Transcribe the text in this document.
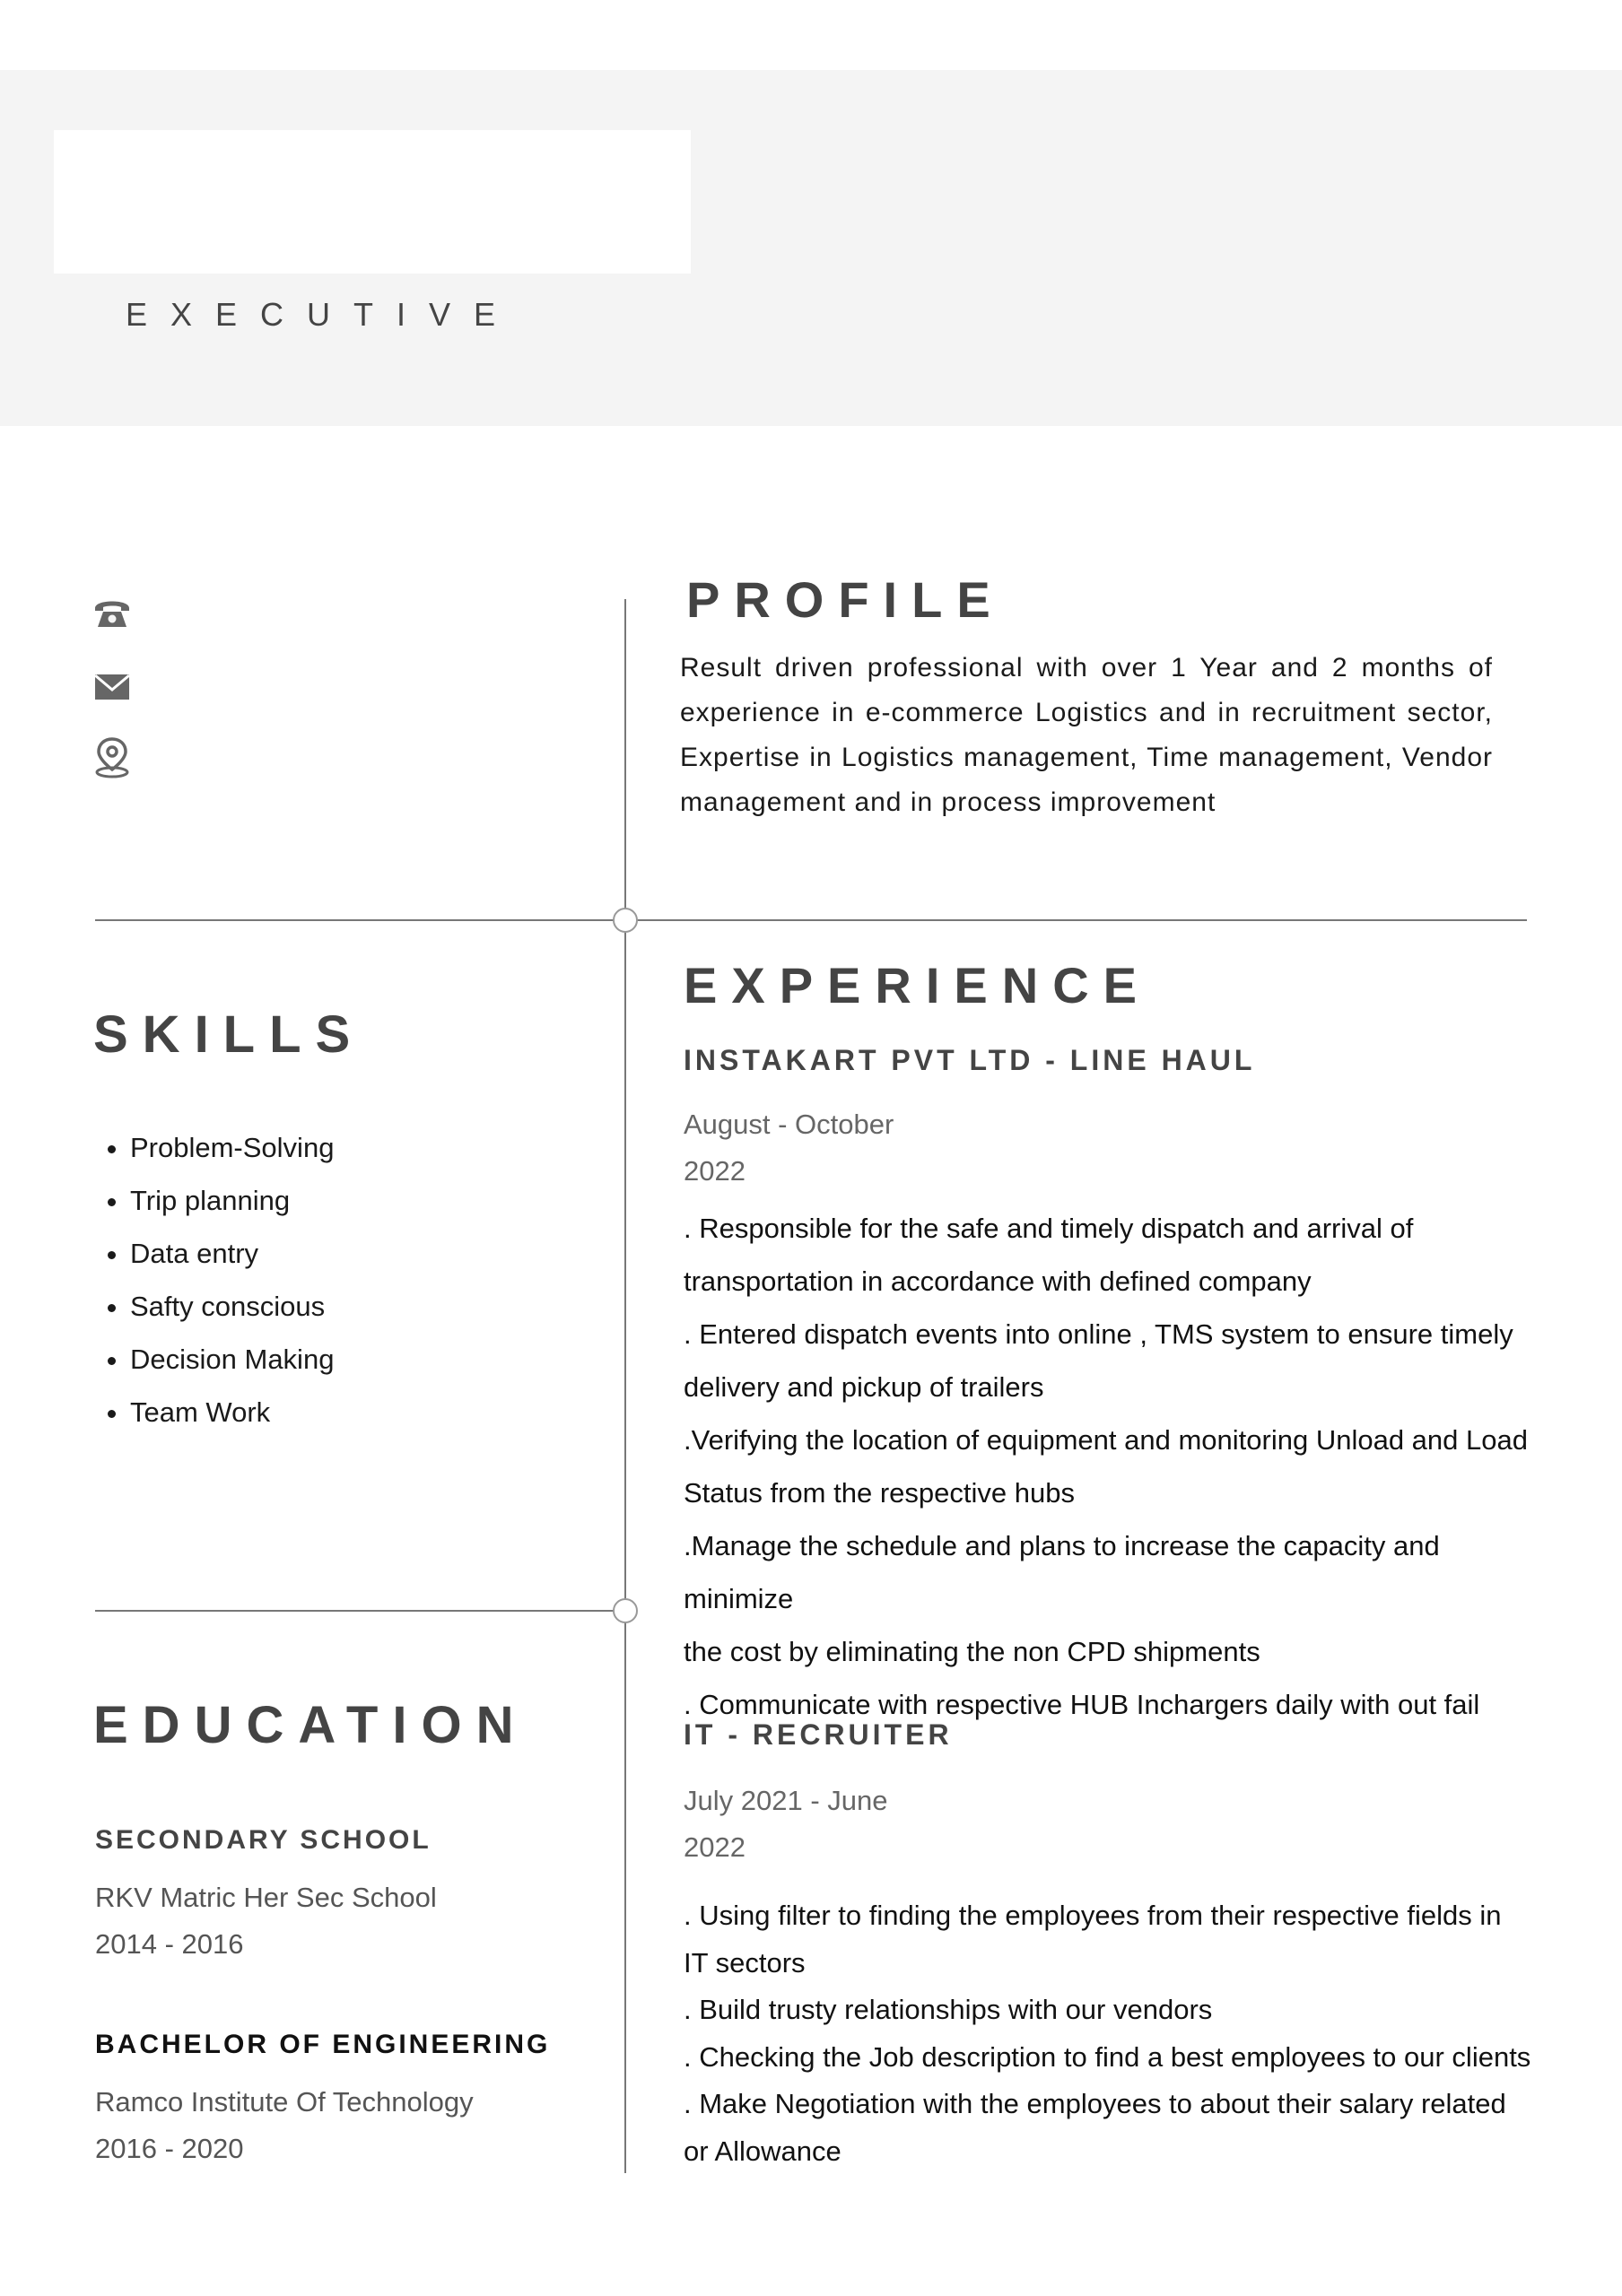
EXECUTIVE
PROFILE
Result driven professional with over 1 Year and 2 months of experience in e-commerce Logistics and in recruitment sector, Expertise in Logistics management, Time management, Vendor management and in process improvement
SKILLS
• Problem-Solving
• Trip planning
• Data entry
• Safty conscious
• Decision Making
• Team Work
EDUCATION
SECONDARY SCHOOL
RKV Matric Her Sec School
2014 - 2016
BACHELOR OF ENGINEERING
Ramco Institute Of Technology
2016 - 2020
EXPERIENCE
INSTAKART PVT LTD - LINE HAUL
August - October
2022
. Responsible for the safe and timely dispatch and arrival of
transportation in accordance with defined company
. Entered dispatch events into online , TMS system to ensure timely
delivery and pickup of trailers
.Verifying the location of equipment and monitoring Unload and Load
Status from the respective hubs
.Manage the schedule and plans to increase the capacity and minimize
the cost by eliminating the non CPD shipments
. Communicate with respective HUB Inchargers daily with out fail
IT - RECRUITER
July 2021 - June
2022
. Using filter to finding the employees from their respective fields in
IT sectors
. Build trusty relationships with our vendors
. Checking the Job description to find a best employees to our clients
. Make Negotiation with the employees to about their salary related
or Allowance
